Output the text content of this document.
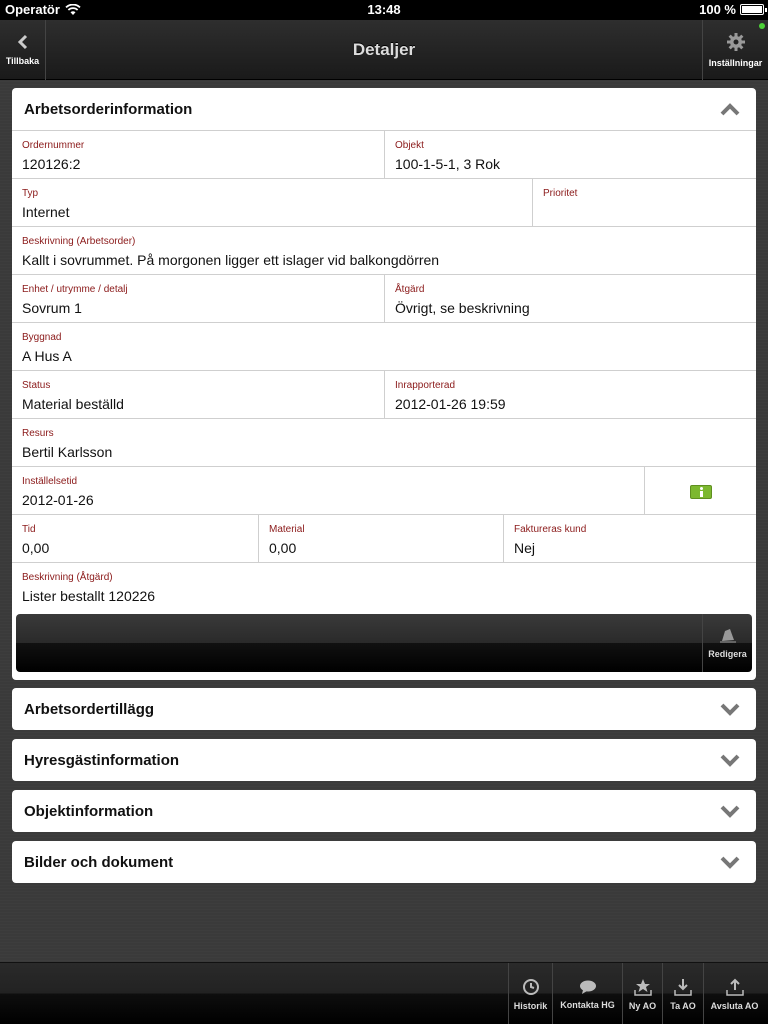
Operatör	13:48	100 %
Tillbaka
Detaljer
Inställningar
Arbetsorderinformation
Ordernummer
120126:2
Objekt
100-1-5-1, 3 Rok
Typ
Internet
Prioritet
Beskrivning (Arbetsorder)
Kallt i sovrummet. På morgonen ligger ett islager vid balkongdörren
Enhet / utrymme / detalj
Sovrum 1
Åtgärd
Övrigt, se beskrivning
Byggnad
A Hus A
Status
Material beställd
Inrapporterad
2012-01-26 19:59
Resurs
Bertil Karlsson
Inställelsetid
2012-01-26
Tid
0,00
Material
0,00
Faktureras kund
Nej
Beskrivning (Åtgärd)
Lister bestallt 120226
Redigera
Arbetsordertillägg
Hyresgästinformation
Objektinformation
Bilder och dokument
Historik Kontakta HG Ny AO Ta AO Avsluta AO
